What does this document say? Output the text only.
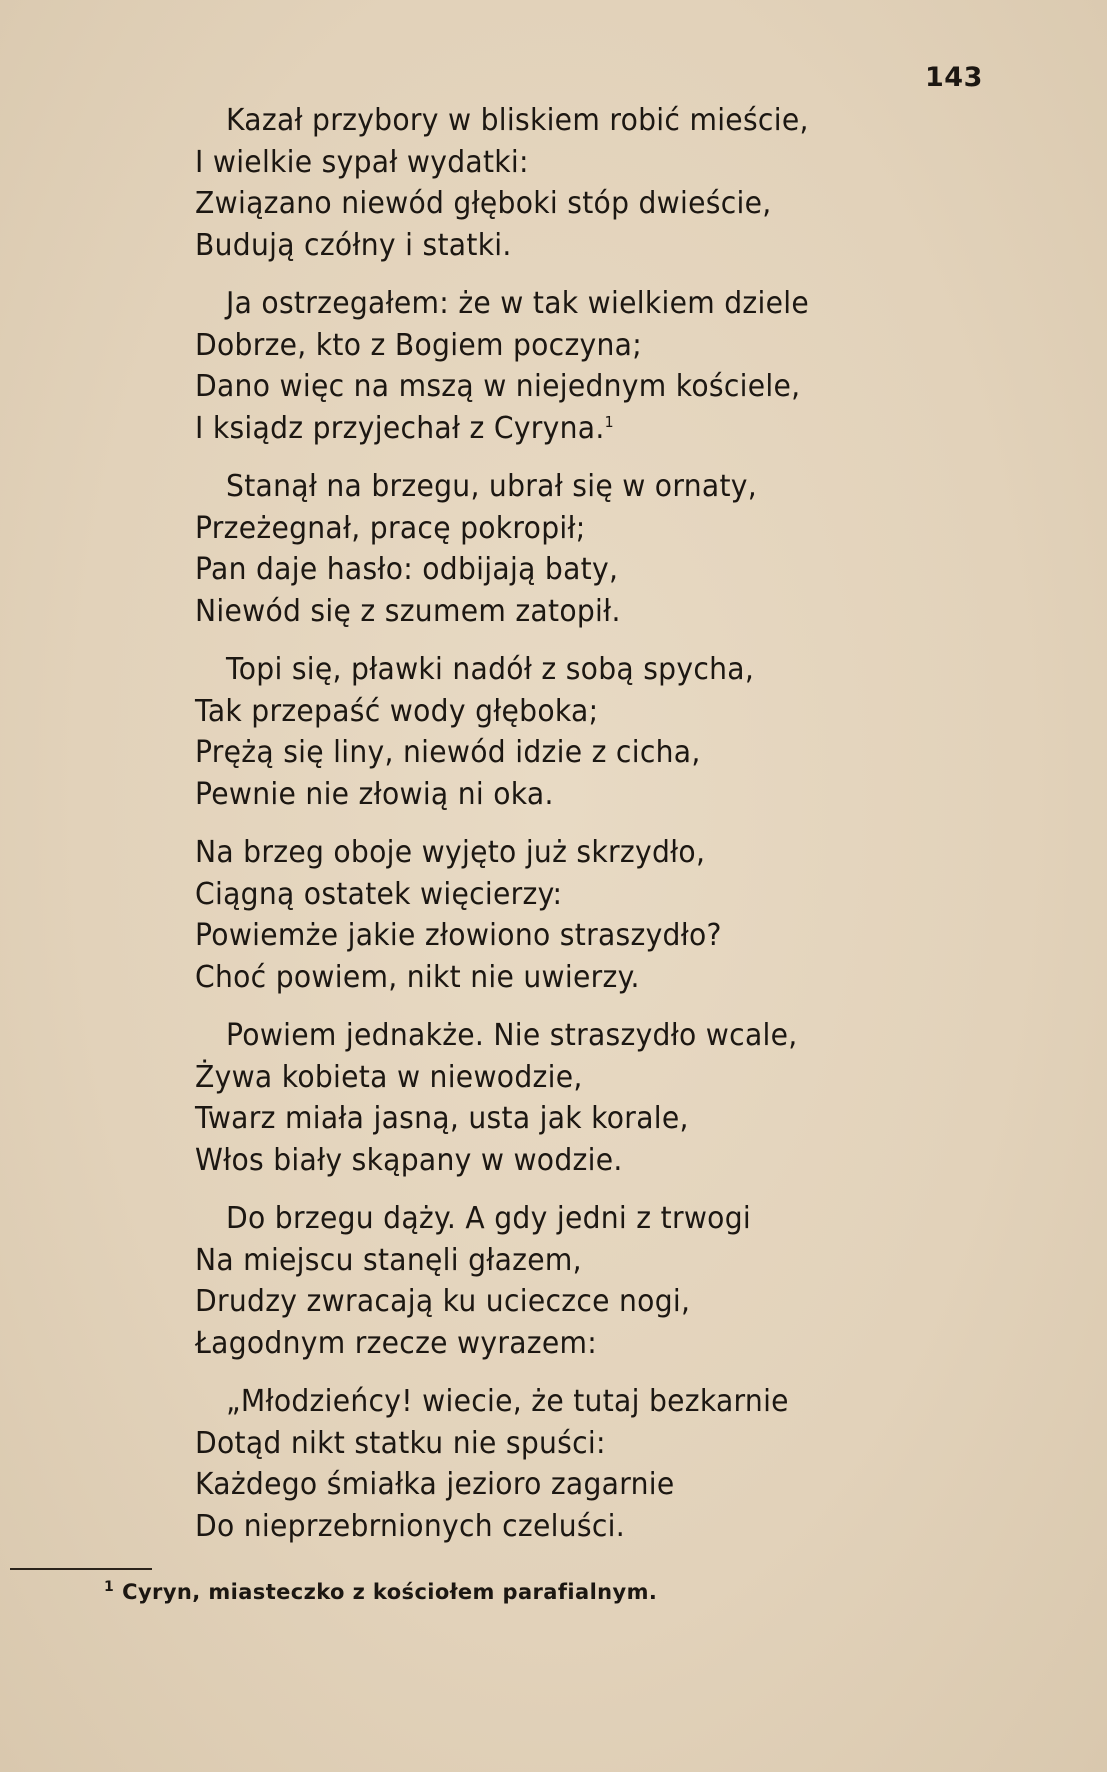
143
Kazał przybory w bliskiem robić mieście,
I wielkie sypał wydatki:
Związano niewód głęboki stóp dwieście,
Budują czółny i statki.
Ja ostrzegałem: że w tak wielkiem dziele
Dobrze, kto z Bogiem poczyna;
Dano więc na mszą w niejednym kościele,
I ksiądz przyjechał z Cyryna.$^1$
Stanął na brzegu, ubrał się w ornaty,
Przeżegnał, pracę pokropił;
Pan daje hasło: odbijają baty,
Niewód się z szumem zatopił.
Topi się, pławki nadół z sobą spycha,
Tak przepaść wody głęboka;
Prężą się liny, niewód idzie z cicha,
Pewnie nie złowią ni oka.
Na brzeg oboje wyjęto już skrzydło,
Ciągną ostatek więcierzy:
Powiemże jakie złowiono straszydło?
Choć powiem, nikt nie uwierzy.
Powiem jednakże. Nie straszydło wcale,
Żywa kobieta w niewodzie,
Twarz miała jasną, usta jak korale,
Włos biały skąpany w wodzie.
Do brzegu dąży. A gdy jedni z trwogi
Na miejscu stanęli głazem,
Drudzy zwracają ku ucieczce nogi,
Łagodnym rzecze wyrazem:
„Młodzieńcy! wiecie, że tutaj bezkarnie
Dotąd nikt statku nie spuści:
Każdego śmiałka jezioro zagarnie
Do nieprzebrnionych czeluści.
$^1$ Cyryn, miasteczko z kościołem parafialnym.
